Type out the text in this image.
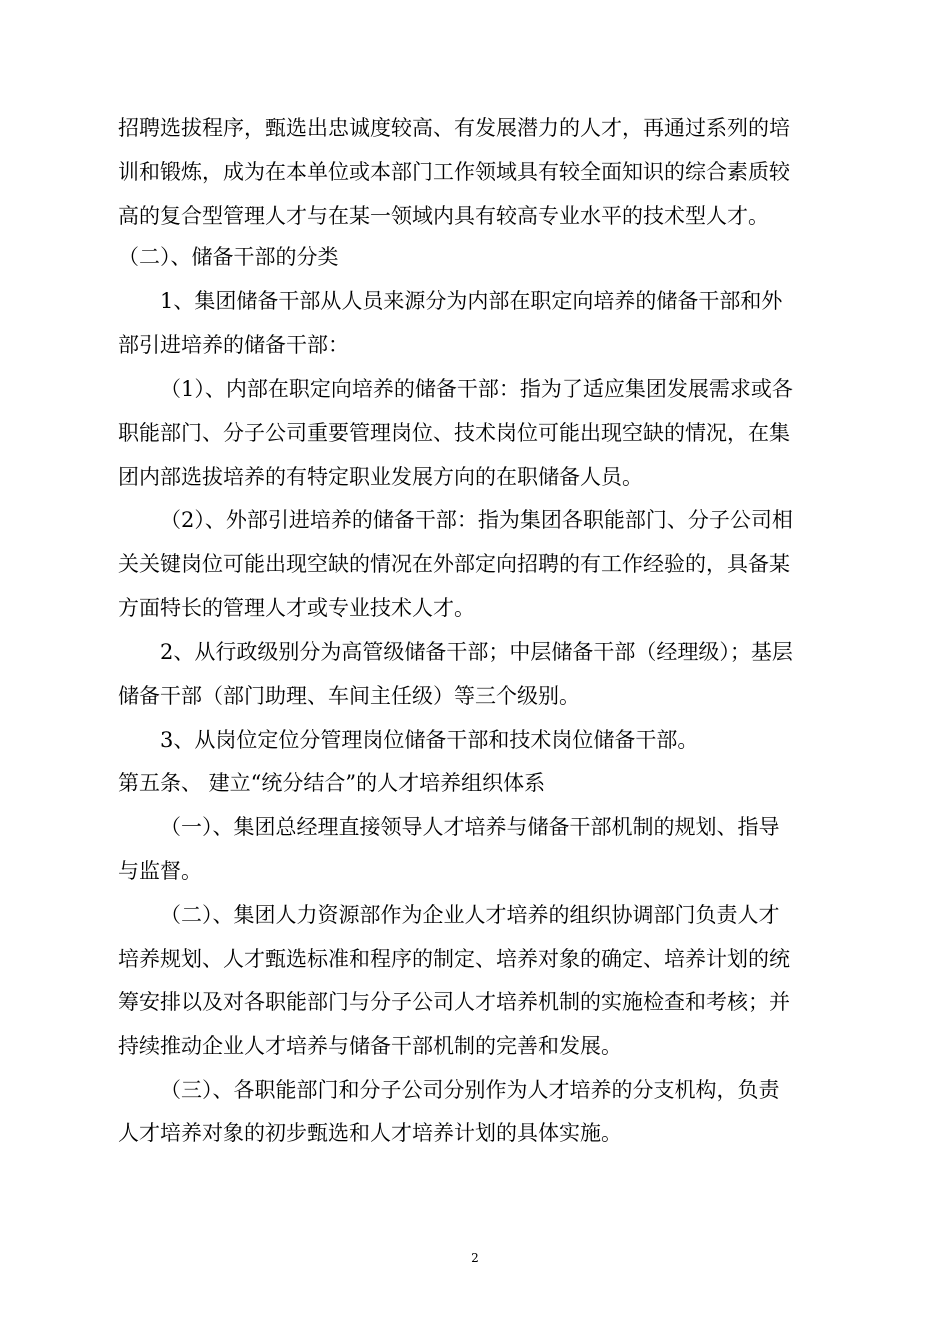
招聘选拔程序，甄选出忠诚度较高、有发展潜力的人才，再通过系列的培
训和锻炼，成为在本单位或本部门工作领域具有较全面知识的综合素质较
高的复合型管理人才与在某一领域内具有较高专业水平的技术型人才。
（二）、储备干部的分类
1、集团储备干部从人员来源分为内部在职定向培养的储备干部和外
部引进培养的储备干部：
（1）、内部在职定向培养的储备干部：指为了适应集团发展需求或各
职能部门、分子公司重要管理岗位、技术岗位可能出现空缺的情况，在集
团内部选拔培养的有特定职业发展方向的在职储备人员。
（2）、外部引进培养的储备干部：指为集团各职能部门、分子公司相
关关键岗位可能出现空缺的情况在外部定向招聘的有工作经验的，具备某
方面特长的管理人才或专业技术人才。
2、从行政级别分为高管级储备干部；中层储备干部（经理级）；基层
储备干部（部门助理、车间主任级）等三个级别。
3、从岗位定位分管理岗位储备干部和技术岗位储备干部。
第五条、 建立“统分结合”的人才培养组织体系
（一）、集团总经理直接领导人才培养与储备干部机制的规划、指导
与监督。
（二）、集团人力资源部作为企业人才培养的组织协调部门负责人才
培养规划、人才甄选标准和程序的制定、培养对象的确定、培养计划的统
筹安排以及对各职能部门与分子公司人才培养机制的实施检查和考核；并
持续推动企业人才培养与储备干部机制的完善和发展。
（三）、各职能部门和分子公司分别作为人才培养的分支机构，负责
人才培养对象的初步甄选和人才培养计划的具体实施。
2
